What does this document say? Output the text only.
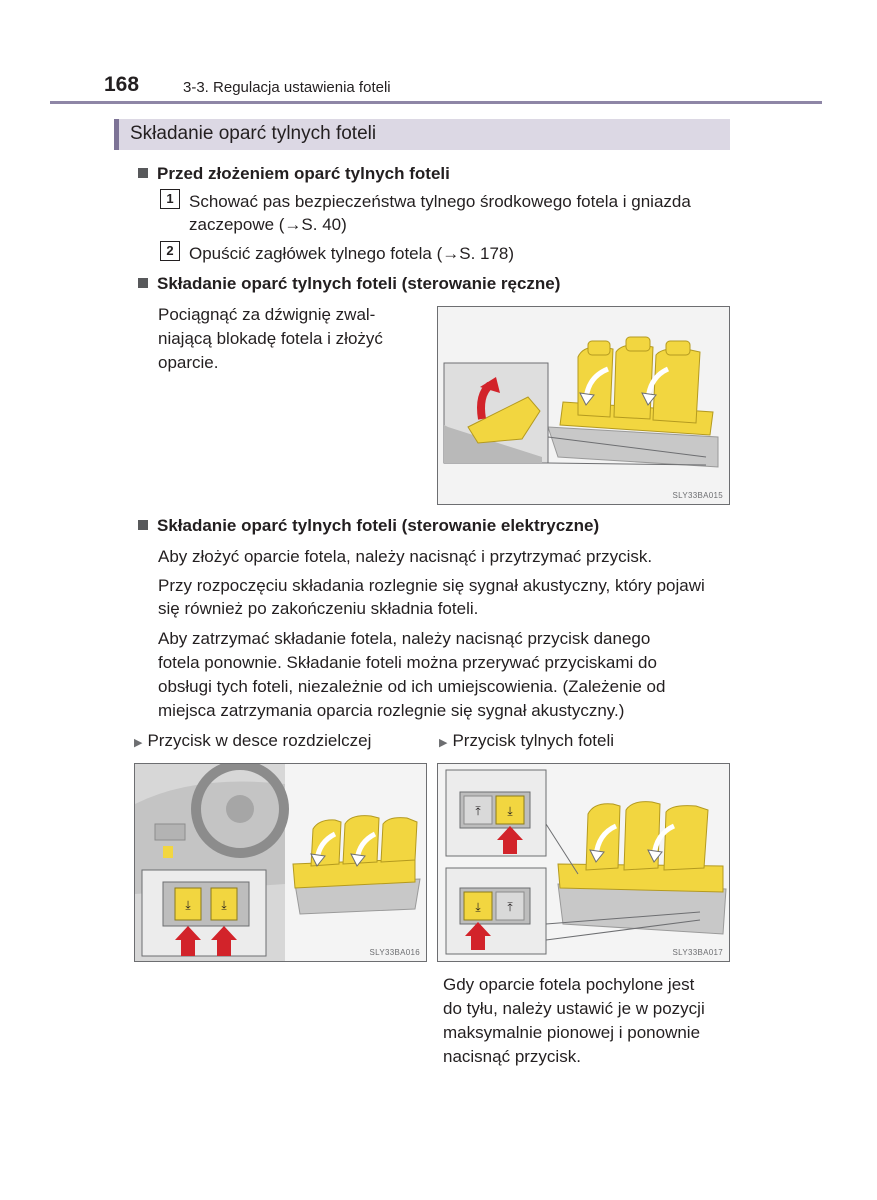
168	3-3. Regulacja ustawienia foteli
Składanie oparć tylnych foteli
Przed złożeniem oparć tylnych foteli
1 Schować pas bezpieczeństwa tylnego środkowego fotela i gniazda
zaczepowe (→S. 40)
2 Opuścić zagłówek tylnego fotela (→S. 178)
Składanie oparć tylnych foteli (sterowanie ręczne)
Pociągnąć za dźwignię zwal-
niającą blokadę fotela i złożyć
oparcie.
SLY33BA015
Składanie oparć tylnych foteli (sterowanie elektryczne)
Aby złożyć oparcie fotela, należy nacisnąć i przytrzymać przycisk.
Przy rozpoczęciu składania rozlegnie się sygnał akustyczny, który pojawi
się również po zakończeniu składnia foteli.
Aby zatrzymać składanie fotela, należy nacisnąć przycisk danego
fotela ponownie. Składanie foteli można przerywać przyciskami do
obsługi tych foteli, niezależnie od ich umiejscowienia. (Zależenie od
miejsca zatrzymania oparcia rozlegnie się sygnał akustyczny.)
▶ Przycisk w desce rozdzielczej	▶ Przycisk tylnych foteli
⤓	⤓
SLY33BA016
⤒ ⤓
⤓ ⤒
SLY33BA017
Gdy oparcie fotela pochylone jest
do tyłu, należy ustawić je w pozycji
maksymalnie pionowej i ponownie
nacisnąć przycisk.
